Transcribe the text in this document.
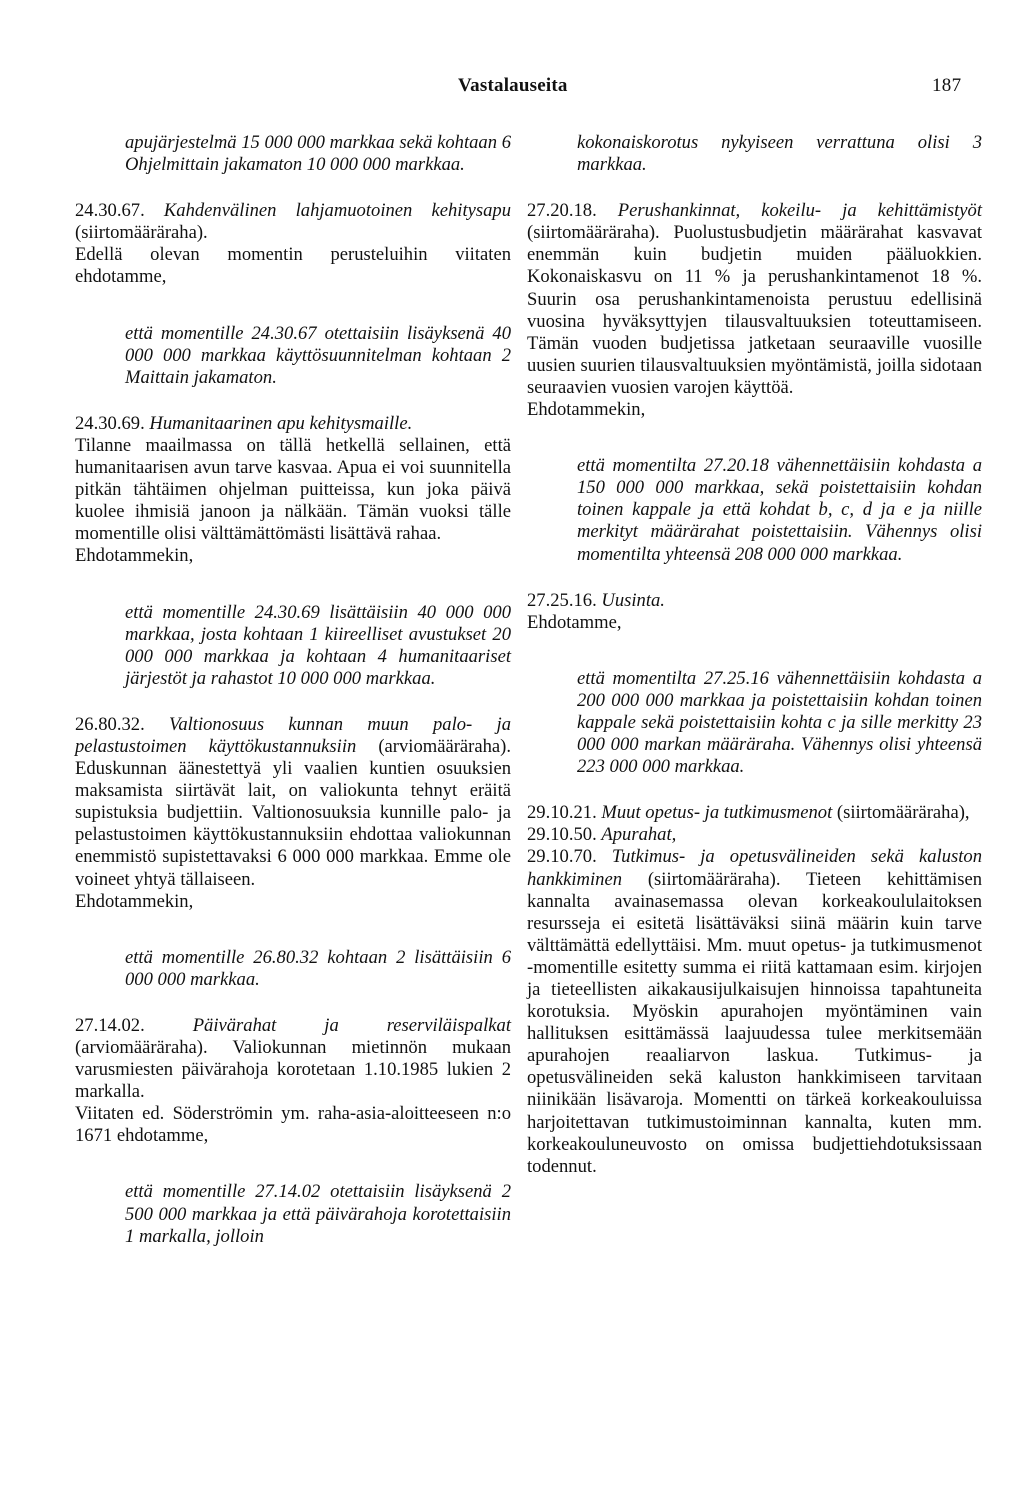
Vastalauseita	187

apujärjestelmä 15 000 000 markkaa sekä kohtaan 6 Ohjelmittain jakamaton 10 000 000 markkaa.

24.30.67. Kahdenvälinen lahjamuotoinen kehitysapu (siirtomääräraha).

Edellä olevan momentin perusteluihin viitaten ehdotamme,

että momentille 24.30.67 otettaisiin lisäyksenä 40 000 000 markkaa käyttösuunnitelman kohtaan 2 Maittain jakamaton.

24.30.69. Humanitaarinen apu kehitysmaille.

Tilanne maailmassa on tällä hetkellä sellainen, että humanitaarisen avun tarve kasvaa. Apua ei voi suunnitella pitkän tähtäimen ohjelman puitteissa, kun joka päivä kuolee ihmisiä janoon ja nälkään. Tämän vuoksi tälle momentille olisi välttämättömästi lisättävä rahaa.

Ehdotammekin,

että momentille 24.30.69 lisättäisiin 40 000 000 markkaa, josta kohtaan 1 kiireelliset avustukset 20 000 000 markkaa ja kohtaan 4 humanitaariset järjestöt ja rahastot 10 000 000 markkaa.

26.80.32. Valtionosuus kunnan muun palo- ja pelastustoimen käyttökustannuksiin (arviomääräraha). Eduskunnan äänestettyä yli vaalien kuntien osuuksien maksamista siirtävät lait, on valiokunta tehnyt eräitä supistuksia budjettiin. Valtionosuuksia kunnille palo- ja pelastustoimen käyttökustannuksiin ehdottaa valiokunnan enemmistö supistettavaksi 6 000 000 markkaa. Emme ole voineet yhtyä tällaiseen.

Ehdotammekin,

että momentille 26.80.32 kohtaan 2 lisättäisiin 6 000 000 markkaa.

27.14.02.	Päivärahat ja reserviläispalkat (arviomääräraha). Valiokunnan mietinnön mukaan varusmiesten päivärahoja korotetaan 1.10.1985 lukien 2 markalla.

Viitaten ed. Söderströmin ym. raha-asia-aloitteeseen n:o 1671 ehdotamme,

että momentille 27.14.02 otettaisiin lisäyksenä 2 500 000 markkaa ja että päivärahoja korotettaisiin 1 markalla, jolloin

kokonaiskorotus nykyiseen verrattuna olisi 3 markkaa.

27.20.18. Perushankinnat, kokeilu- ja kehittämistyöt (siirtomääräraha). Puolustusbudjetin määrärahat kasvavat enemmän kuin budjetin muiden pääluokkien. Kokonaiskasvu on 11 % ja perushankintamenot 18 %. Suurin osa perushankintamenoista perustuu edellisinä vuosina hyväksyttyjen tilausvaltuuksien toteuttamiseen. Tämän vuoden budjetissa jatketaan seuraaville vuosille uusien suurien tilausvaltuuksien myöntämistä, joilla sidotaan seuraavien vuosien varojen käyttöä.

Ehdotammekin,

että momentilta 27.20.18 vähennettäisiin kohdasta a 150 000 000 markkaa, sekä poistettaisiin kohdan toinen kappale ja että kohdat b, c, d ja e ja niille merkityt määrärahat poistettaisiin. Vähennys olisi momentilta yhteensä 208 000 000 markkaa.

27.25.16. Uusinta.

Ehdotamme,

että momentilta 27.25.16 vähennettäisiin kohdasta a 200 000 000 markkaa ja poistettaisiin kohdan toinen kappale sekä poistettaisiin kohta c ja sille merkitty 23 000 000 markan määräraha. Vähennys olisi yhteensä 223 000 000 markkaa.

29.10.21. Muut opetus- ja tutkimusmenot (siirtomääräraha),

29.10.50. Apurahat,

29.10.70. Tutkimus- ja opetusvälineiden sekä kaluston hankkiminen (siirtomääräraha). Tieteen kehittämisen kannalta avainasemassa olevan korkeakoululaitoksen resursseja ei esitetä lisättäväksi siinä määrin kuin tarve välttämättä edellyttäisi. Mm. muut opetus- ja tutkimusmenot -momentille esitetty summa ei riitä kattamaan esim. kirjojen ja tieteellisten aikakausijulkaisujen hinnoissa tapahtuneita korotuksia. Myöskin apurahojen myöntäminen vain hallituksen esittämässä laajuudessa tulee merkitsemään apurahojen reaaliarvon laskua. Tutkimus- ja opetusvälineiden sekä kaluston hankkimiseen tarvitaan niinikään lisävaroja. Momentti on tärkeä korkeakouluissa harjoitettavan tutkimustoiminnan kannalta, kuten mm. korkeakouluneuvosto on omissa budjettiehdotuksissaan todennut.
